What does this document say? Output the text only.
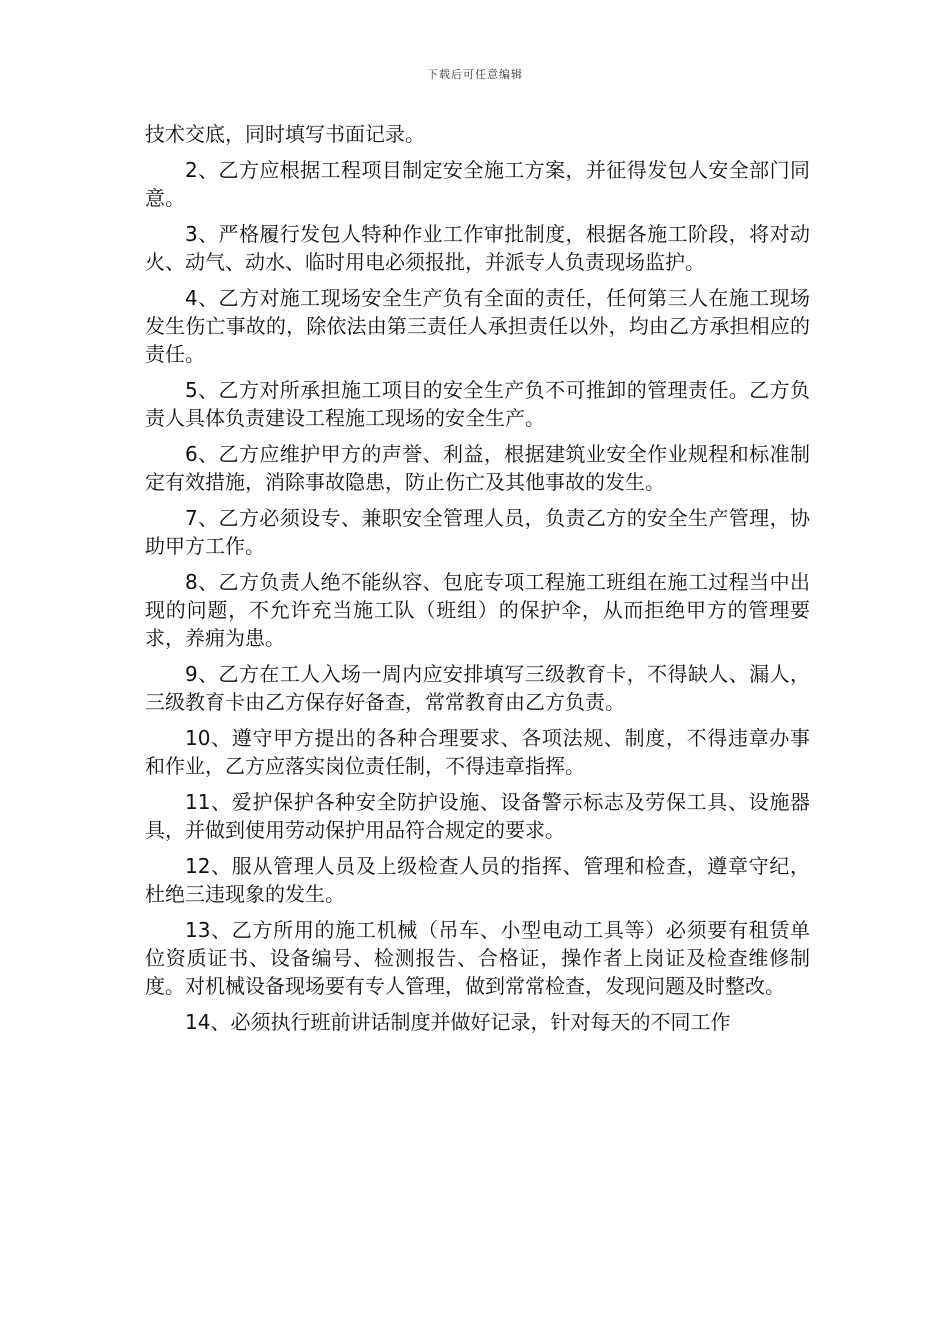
下载后可任意编辑

技术交底，同时填写书面记录。

2、乙方应根据工程项目制定安全施工方案，并征得发包人安全部门同意。

3、严格履行发包人特种作业工作审批制度，根据各施工阶段，将对动火、动气、动水、临时用电必须报批，并派专人负责现场监护。

4、乙方对施工现场安全生产负有全面的责任，任何第三人在施工现场发生伤亡事故的，除依法由第三责任人承担责任以外，均由乙方承担相应的责任。

5、乙方对所承担施工项目的安全生产负不可推卸的管理责任。乙方负责人具体负责建设工程施工现场的安全生产。

6、乙方应维护甲方的声誉、利益，根据建筑业安全作业规程和标准制定有效措施，消除事故隐患，防止伤亡及其他事故的发生。

7、乙方必须设专、兼职安全管理人员，负责乙方的安全生产管理，协助甲方工作。

8、乙方负责人绝不能纵容、包庇专项工程施工班组在施工过程当中出现的问题，不允许充当施工队（班组）的保护伞，从而拒绝甲方的管理要求，养痈为患。

9、乙方在工人入场一周内应安排填写三级教育卡，不得缺人、漏人，三级教育卡由乙方保存好备查，常常教育由乙方负责。

10、遵守甲方提出的各种合理要求、各项法规、制度，不得违章办事和作业，乙方应落实岗位责任制，不得违章指挥。

11、爱护保护各种安全防护设施、设备警示标志及劳保工具、设施器具，并做到使用劳动保护用品符合规定的要求。

12、服从管理人员及上级检查人员的指挥、管理和检查，遵章守纪，杜绝三违现象的发生。

13、乙方所用的施工机械（吊车、小型电动工具等）必须要有租赁单位资质证书、设备编号、检测报告、合格证，操作者上岗证及检查维修制度。对机械设备现场要有专人管理，做到常常检查，发现问题及时整改。

14、必须执行班前讲话制度并做好记录，针对每天的不同工作
